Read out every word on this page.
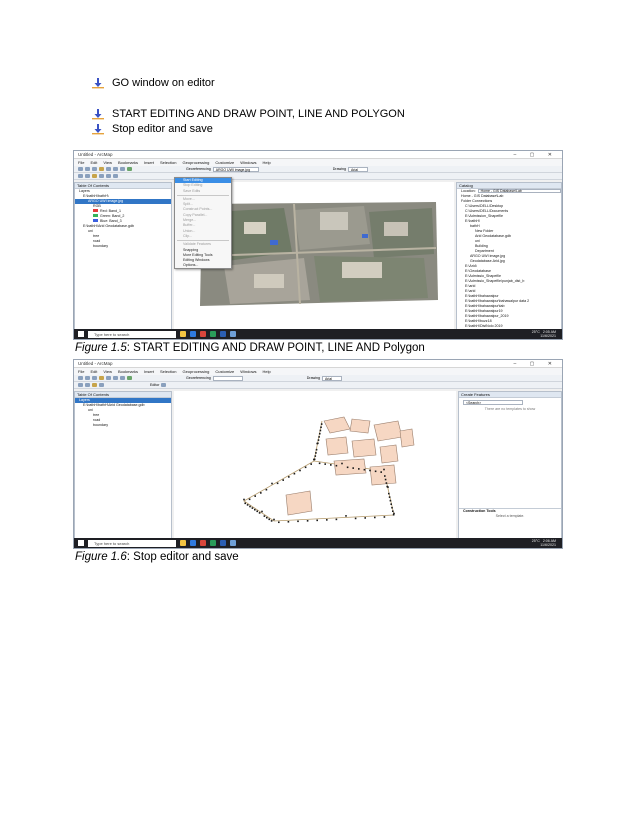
GO window on editor
START EDITING AND DRAW POINT, LINE AND POLYGON
Stop editor and save
Untitled - ArcMap	– ▢ ✕
File Edit View Bookmarks Insert Selection Geoprocessing Customize Windows Help
Georeferencing	ARGO UWI image.jpg	Drawing	Arial
Table Of Contents
Layers
E:\bathH\bathH\
ARGO UWI image.jpg
RGB
Red: Band_1
Green: Band_2
Blue: Band_3
E:\bathH\Arid Geodatabase.gdb
uni
tree
road
boundary
Start Editing
Stop Editing
Save Edits
Move...
Split...
Construct Points...
Copy Parallel...
Merge...
Buffer...
Union...
Clip...
Validate Features
Snapping
More Editing Tools
Editing Windows
Options...
Catalog
Location:	Home - GIS Database\Lab
Home - GIS Database\Lab
Folder Connections
C:\Users\DELL\Desktop
C:\Users\DELL\Documents
E:\Admission_Shapefile
E:\bathH\
bathH
New Folder
Arid Geodatabase.gdb
uni
Building
Department
ARGO UWI image.jpg
Geodatabase.Arid.jpg
E:\Arid\
E:\Geodatabase
E:\Admissio_Shapefile
E:\Admissio_Shapefile\punjab_dist_b
E:\arid
E:\arid
E:\bathH\bahawalpur
E:\bathH\bahawalpur\bahawalpur data 2
E:\bathH\bahawalpur\tab
E:\bathH\bahawalpur19
E:\bathH\bahawalpur_2019
E:\bathH\buzz18
E:\bathH\DistNolo 2019
Type here to search	25°C 2:05 AM
11/6/2021
Figure 1.5: START EDITING AND DRAW POINT, LINE AND Polygon
Untitled - ArcMap	– ▢ ✕
File Edit View Bookmarks Insert Selection Geoprocessing Customize Windows Help
Georeferencing	Drawing	Arial
Editor
Table Of Contents
Layers
E:\bathH\bathH\Arid Geodatabase.gdb
uni
tree
road
boundary
Create Features
<Search>
There are no templates to show
Construction Tools
Select a template.
Type here to search	25°C 2:06 AM
11/6/2021
Figure 1.6: Stop editor and save
